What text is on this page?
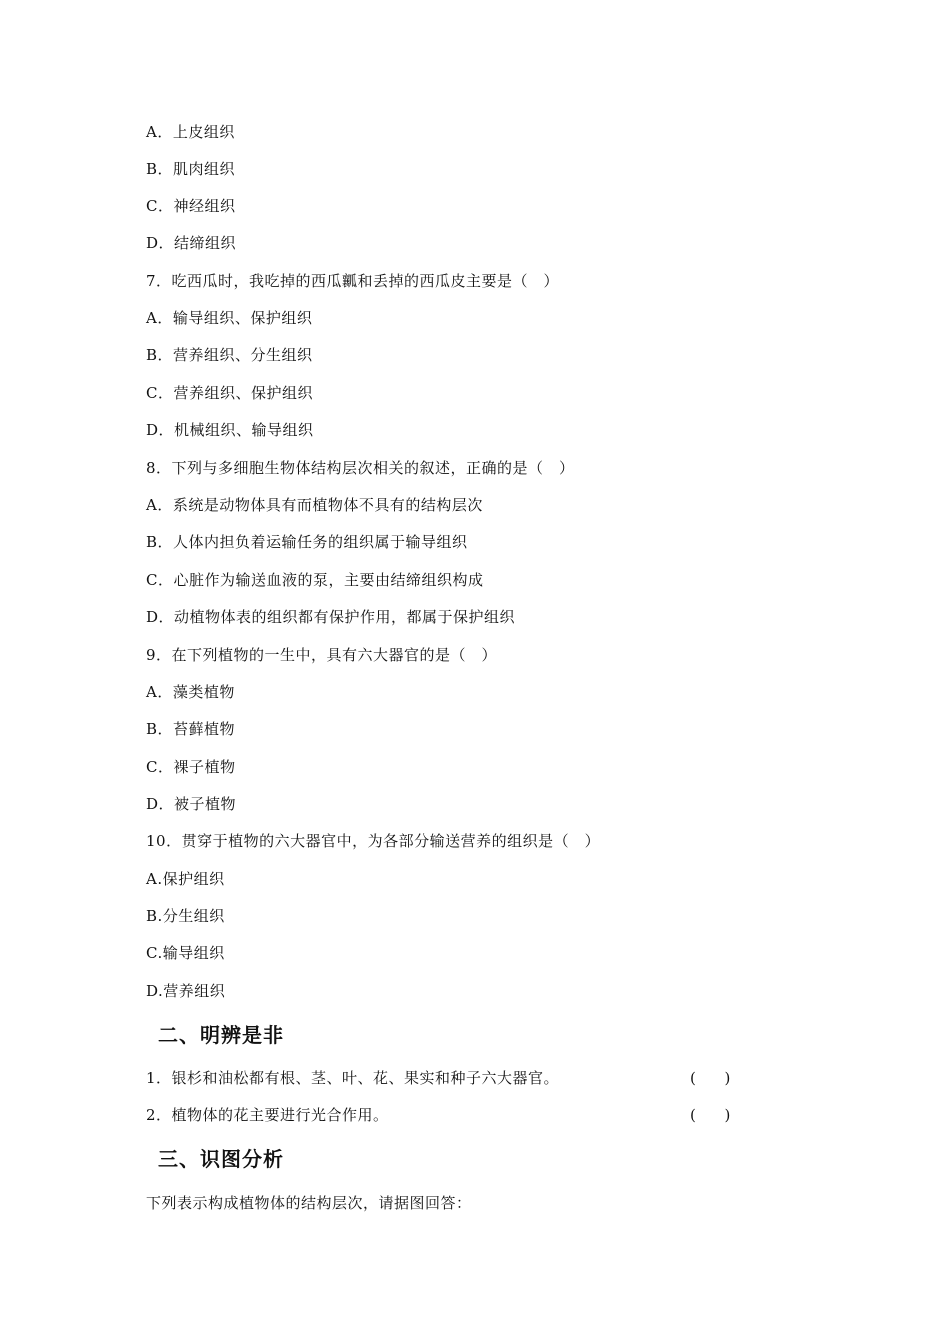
A．上皮组织
B．肌肉组织
C．神经组织
D．结缔组织
7．吃西瓜时，我吃掉的西瓜瓤和丢掉的西瓜皮主要是（　）
A．输导组织、保护组织
B．营养组织、分生组织
C．营养组织、保护组织
D．机械组织、输导组织
8．下列与多细胞生物体结构层次相关的叙述，正确的是（　）
A．系统是动物体具有而植物体不具有的结构层次
B．人体内担负着运输任务的组织属于输导组织
C．心脏作为输送血液的泵，主要由结缔组织构成
D．动植物体表的组织都有保护作用，都属于保护组织
9．在下列植物的一生中，具有六大器官的是（　）
A．藻类植物
B．苔藓植物
C．裸子植物
D．被子植物
10．贯穿于植物的六大器官中，为各部分输送营养的组织是（　）
A.保护组织
B.分生组织
C.输导组织
D.营养组织
二、明辨是非
1．银杉和油松都有根、茎、叶、花、果实和种子六大器官。	(      )
2．植物体的花主要进行光合作用。	(      )
三、识图分析
下列表示构成植物体的结构层次，请据图回答：
